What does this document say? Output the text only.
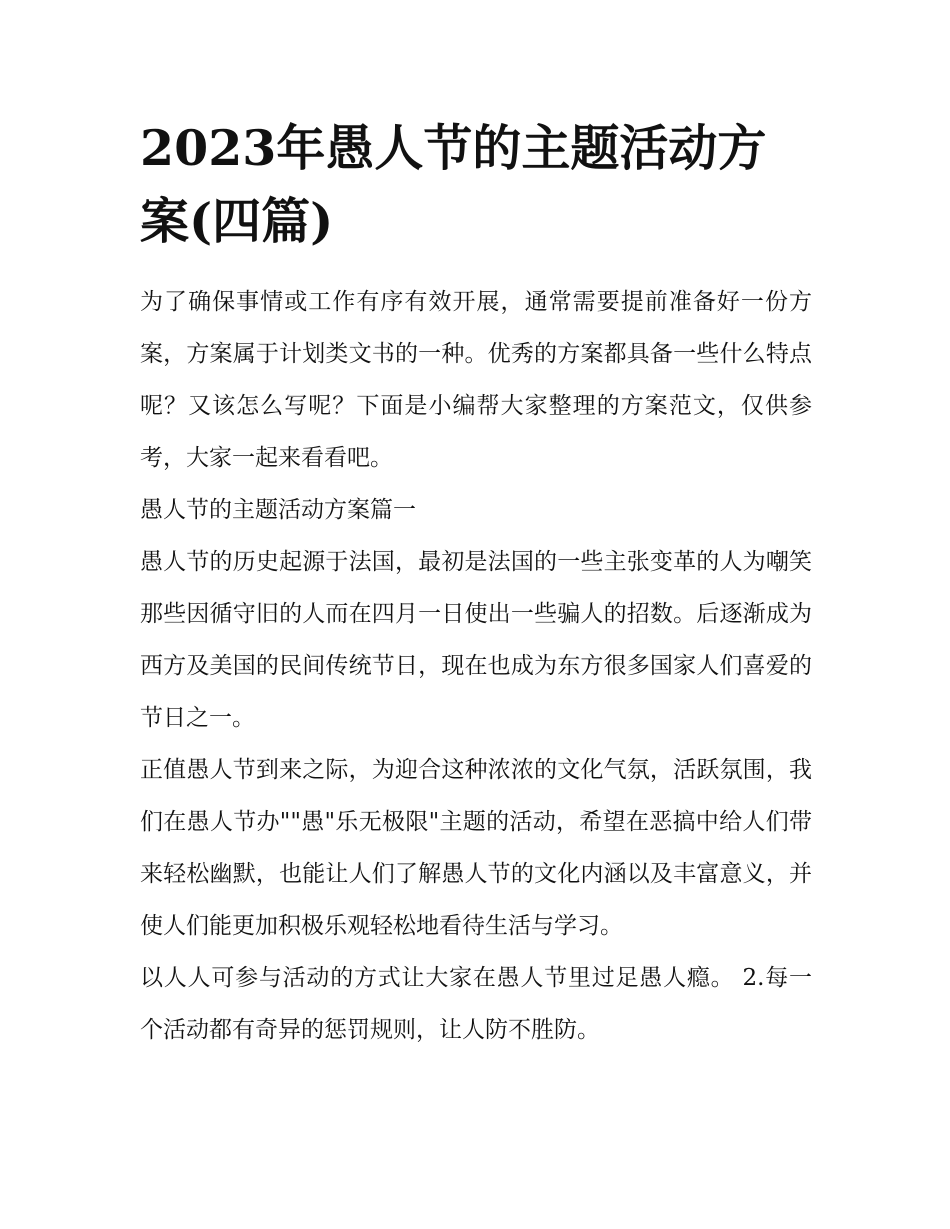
2023年愚人节的主题活动方案(四篇)

为了确保事情或工作有序有效开展，通常需要提前准备好一份方案，方案属于计划类文书的一种。优秀的方案都具备一些什么特点呢？又该怎么写呢？下面是小编帮大家整理的方案范文，仅供参考，大家一起来看看吧。

愚人节的主题活动方案篇一

愚人节的历史起源于法国，最初是法国的一些主张变革的人为嘲笑那些因循守旧的人而在四月一日使出一些骗人的招数。后逐渐成为西方及美国的民间传统节日，现在也成为东方很多国家人们喜爱的节日之一。

正值愚人节到来之际，为迎合这种浓浓的文化气氛，活跃氛围，我们在愚人节办""愚"乐无极限"主题的活动，希望在恶搞中给人们带来轻松幽默，也能让人们了解愚人节的文化内涵以及丰富意义，并使人们能更加积极乐观轻松地看待生活与学习。

以人人可参与活动的方式让大家在愚人节里过足愚人瘾。 2.每一个活动都有奇异的惩罚规则，让人防不胜防。
